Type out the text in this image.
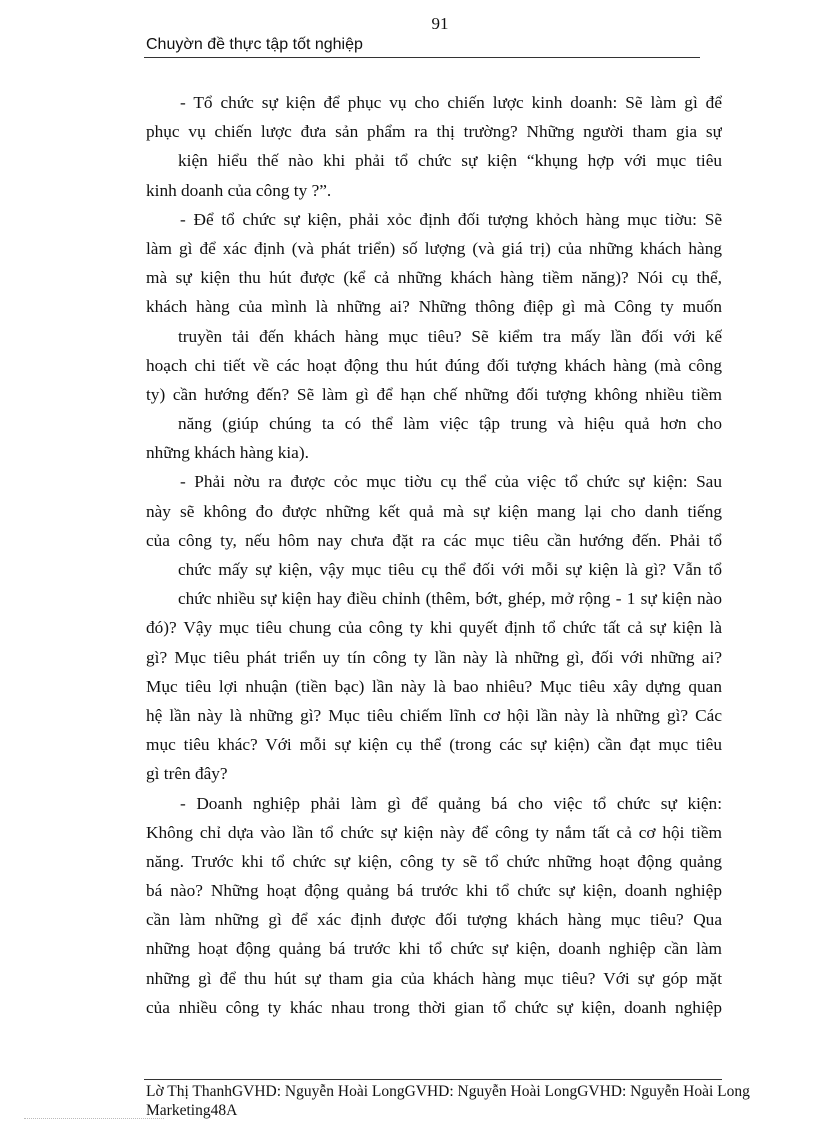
91
Chuyờn đề thực tập tốt nghiệp
- Tổ chức sự kiện để phục vụ cho chiến lược kinh doanh: Sẽ làm gì để
phục vụ chiến lược đưa sản phẩm ra thị trường? Những người tham gia sự
kiện hiểu thế nào khi phải tổ chức sự kiện “khụng hợp với mục tiêu
kinh doanh của công ty ?”.
- Để tổ chức sự kiện, phải xỏc định đối tượng khỏch hàng mục tiờu: Sẽ
làm gì để xác định (và phát triển) số lượng (và giá trị) của những khách hàng
mà sự kiện thu hút được (kể cả những khách hàng tiềm năng)? Nói cụ thể,
khách hàng của mình là những ai? Những thông điệp gì mà Công ty muốn
truyền tải đến khách hàng mục tiêu? Sẽ kiểm tra mấy lần đối với kế
hoạch chi tiết về các hoạt động thu hút đúng đối tượng khách hàng (mà công
ty) cần hướng đến? Sẽ làm gì để hạn chế những đối tượng không nhiều tiềm
năng (giúp chúng ta có thể làm việc tập trung và hiệu quả hơn cho
những khách hàng kia).
- Phải nờu ra được cỏc mục tiờu cụ thể của việc tổ chức sự kiện: Sau
này sẽ không đo được những kết quả mà sự kiện mang lại cho danh tiếng
của công ty, nếu hôm nay chưa đặt ra các mục tiêu cần hướng đến. Phải tổ
chức mấy sự kiện, vậy mục tiêu cụ thể đối với mỗi sự kiện là gì? Vẫn tổ
chức nhiều sự kiện hay điều chỉnh (thêm, bớt, ghép, mở rộng - 1 sự kiện nào
đó)? Vậy mục tiêu chung của công ty khi quyết định tổ chức tất cả sự kiện là
gì? Mục tiêu phát triển uy tín công ty lần này là những gì, đối với những ai?
Mục tiêu lợi nhuận (tiền bạc) lần này là bao nhiêu? Mục tiêu xây dựng quan
hệ lần này là những gì? Mục tiêu chiếm lĩnh cơ hội lần này là những gì? Các
mục tiêu khác? Với mỗi sự kiện cụ thể (trong các sự kiện) cần đạt mục tiêu
gì trên đây?
- Doanh nghiệp phải làm gì để quảng bá cho việc tổ chức sự kiện:
Không chỉ dựa vào lần tổ chức sự kiện này để công ty nắm tất cả cơ hội tiềm
năng. Trước khi tổ chức sự kiện, công ty sẽ tổ chức những hoạt động quảng
bá nào? Những hoạt động quảng bá trước khi tổ chức sự kiện, doanh nghiệp
cần làm những gì để xác định được đối tượng khách hàng mục tiêu? Qua
những hoạt động quảng bá trước khi tổ chức sự kiện, doanh nghiệp cần làm
những gì để thu hút sự tham gia của khách hàng mục tiêu? Với sự góp mặt
của nhiều công ty khác nhau trong thời gian tổ chức sự kiện, doanh nghiệp
Lờ Thị ThanhGVHD: Nguyễn Hoài LongGVHD: Nguyễn Hoài LongGVHD: Nguyễn Hoài Long
Marketing48A
